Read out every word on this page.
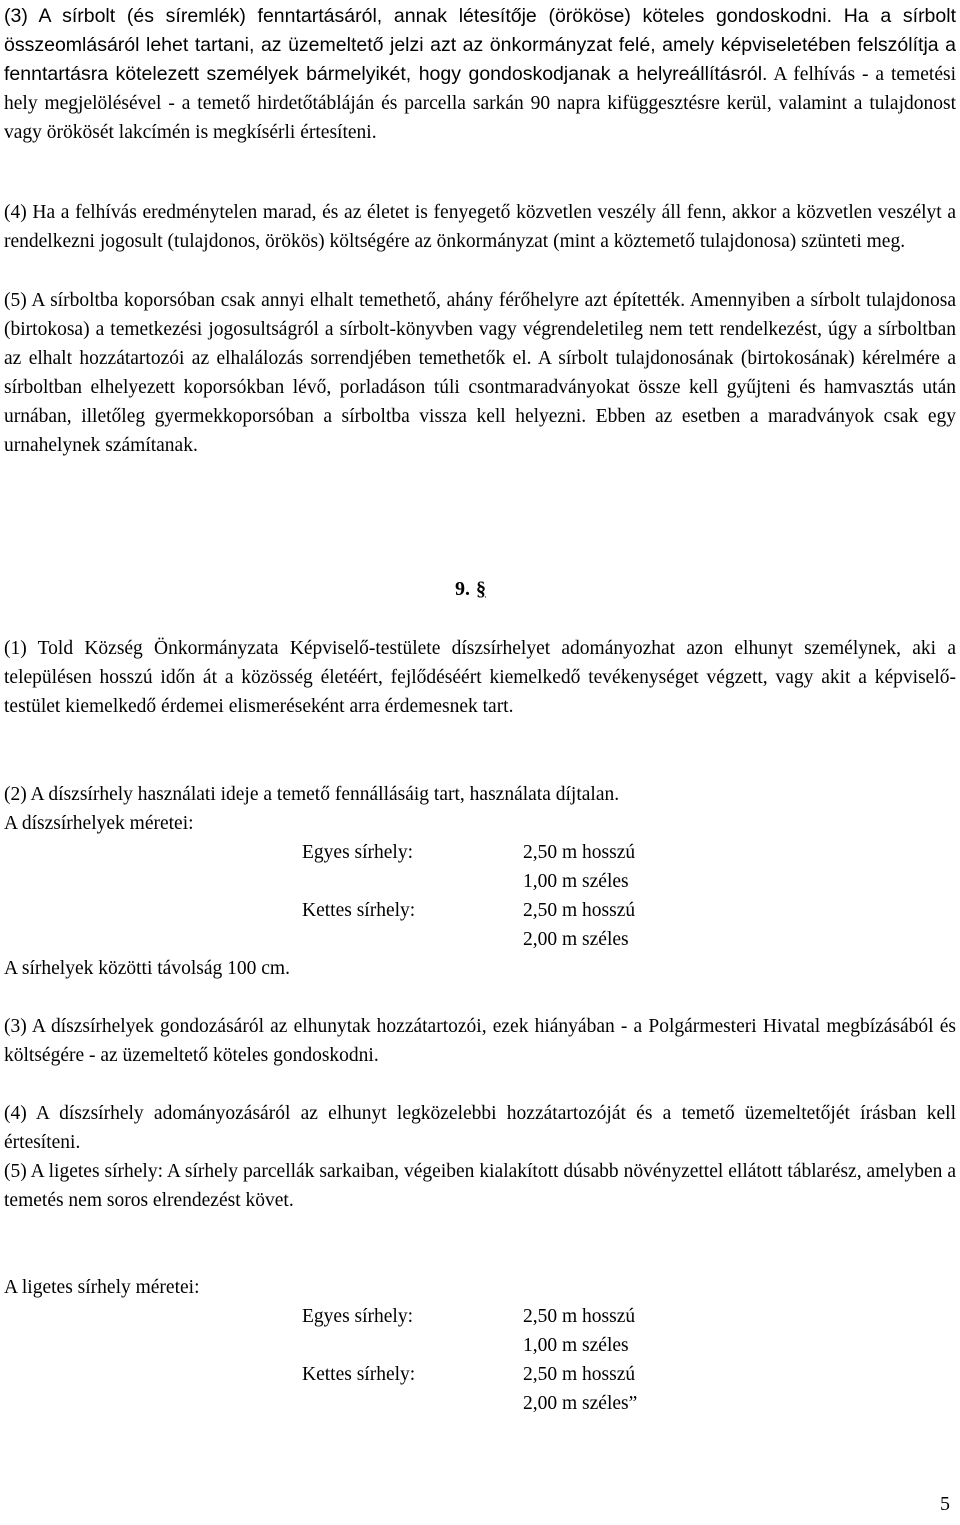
(3) A sírbolt (és síremlék) fenntartásáról, annak létesítője (örököse) köteles gondoskodni. Ha a sírbolt összeomlásáról lehet tartani, az üzemeltető jelzi azt az önkormányzat felé, amely képviseletében felszólítja a fenntartásra kötelezett személyek bármelyikét, hogy gondoskodjanak a helyreállításról. A felhívás - a temetési hely megjelölésével - a temető hirdetőtábláján és parcella sarkán 90 napra kifüggesztésre kerül, valamint a tulajdonost vagy örökösét lakcímén is megkísérli értesíteni.

(4) Ha a felhívás eredménytelen marad, és az életet is fenyegető közvetlen veszély áll fenn, akkor a közvetlen veszélyt a rendelkezni jogosult (tulajdonos, örökös) költségére az önkormányzat (mint a köztemető tulajdonosa) szünteti meg.

(5) A sírboltba koporsóban csak annyi elhalt temethető, ahány férőhelyre azt építették. Amennyiben a sírbolt tulajdonosa (birtokosa) a temetkezési jogosultságról a sírbolt-könyvben vagy végrendeletileg nem tett rendelkezést, úgy a sírboltban az elhalt hozzátartozói az elhalálozás sorrendjében temethetők el. A sírbolt tulajdonosának (birtokosának) kérelmére a sírboltban elhelyezett koporsókban lévő, porladáson túli csontmaradványokat össze kell gyűjteni és hamvasztás után urnában, illetőleg gyermekkoporsóban a sírboltba vissza kell helyezni. Ebben az esetben a maradványok csak egy urnahelynek számítanak.

9. §

(1) Told Község Önkormányzata Képviselő-testülete díszsírhelyet adományozhat azon elhunyt személynek, aki a településen hosszú időn át a közösség életéért, fejlődéséért kiemelkedő tevékenységet végzett, vagy akit a képviselő-testület kiemelkedő érdemei elismeréseként arra érdemesnek tart.

(2) A díszsírhely használati ideje a temető fennállásáig tart, használata díjtalan.

A díszsírhelyek méretei:
Egyes sírhely:	2,50 m hosszú
1,00 m széles
Kettes sírhely:	2,50 m hosszú
2,00 m széles
A sírhelyek közötti távolság 100 cm.

(3) A díszsírhelyek gondozásáról az elhunytak hozzátartozói, ezek hiányában - a Polgármesteri Hivatal megbízásából és költségére - az üzemeltető köteles gondoskodni.

(4) A díszsírhely adományozásáról az elhunyt legközelebbi hozzátartozóját és a temető üzemeltetőjét írásban kell értesíteni.

(5) A ligetes sírhely: A sírhely parcellák sarkaiban, végeiben kialakított dúsabb növényzettel ellátott táblarész, amelyben a temetés nem soros elrendezést követ.

A ligetes sírhely méretei:
Egyes sírhely:	2,50 m hosszú
1,00 m széles
Kettes sírhely:	2,50 m hosszú
2,00 m széles”
5
